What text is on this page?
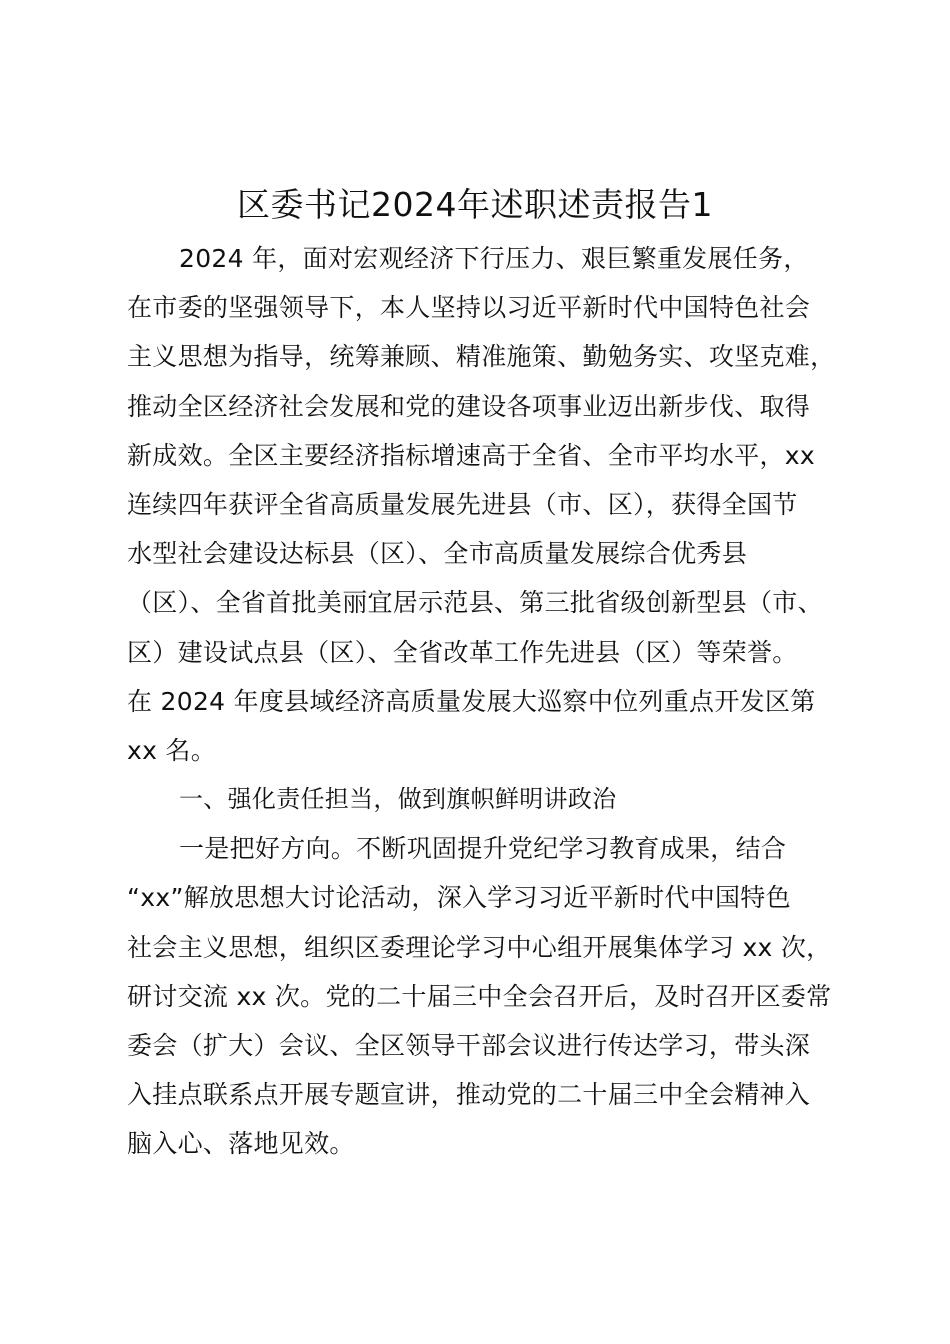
区委书记2024年述职述责报告1
2024 年，面对宏观经济下行压力、艰巨繁重发展任务，
在市委的坚强领导下，本人坚持以习近平新时代中国特色社会
主义思想为指导，统筹兼顾、精准施策、勤勉务实、攻坚克难，
推动全区经济社会发展和党的建设各项事业迈出新步伐、取得
新成效。全区主要经济指标增速高于全省、全市平均水平，xx
连续四年获评全省高质量发展先进县（市、区），获得全国节
水型社会建设达标县（区）、全市高质量发展综合优秀县
（区）、全省首批美丽宜居示范县、第三批省级创新型县（市、
区）建设试点县（区）、全省改革工作先进县（区）等荣誉。
在 2024 年度县域经济高质量发展大巡察中位列重点开发区第
xx 名。
一、强化责任担当，做到旗帜鲜明讲政治
一是把好方向。不断巩固提升党纪学习教育成果，结合
“xx”解放思想大讨论活动，深入学习习近平新时代中国特色
社会主义思想，组织区委理论学习中心组开展集体学习 xx 次，
研讨交流 xx 次。党的二十届三中全会召开后，及时召开区委常
委会（扩大）会议、全区领导干部会议进行传达学习，带头深
入挂点联系点开展专题宣讲，推动党的二十届三中全会精神入
脑入心、落地见效。
